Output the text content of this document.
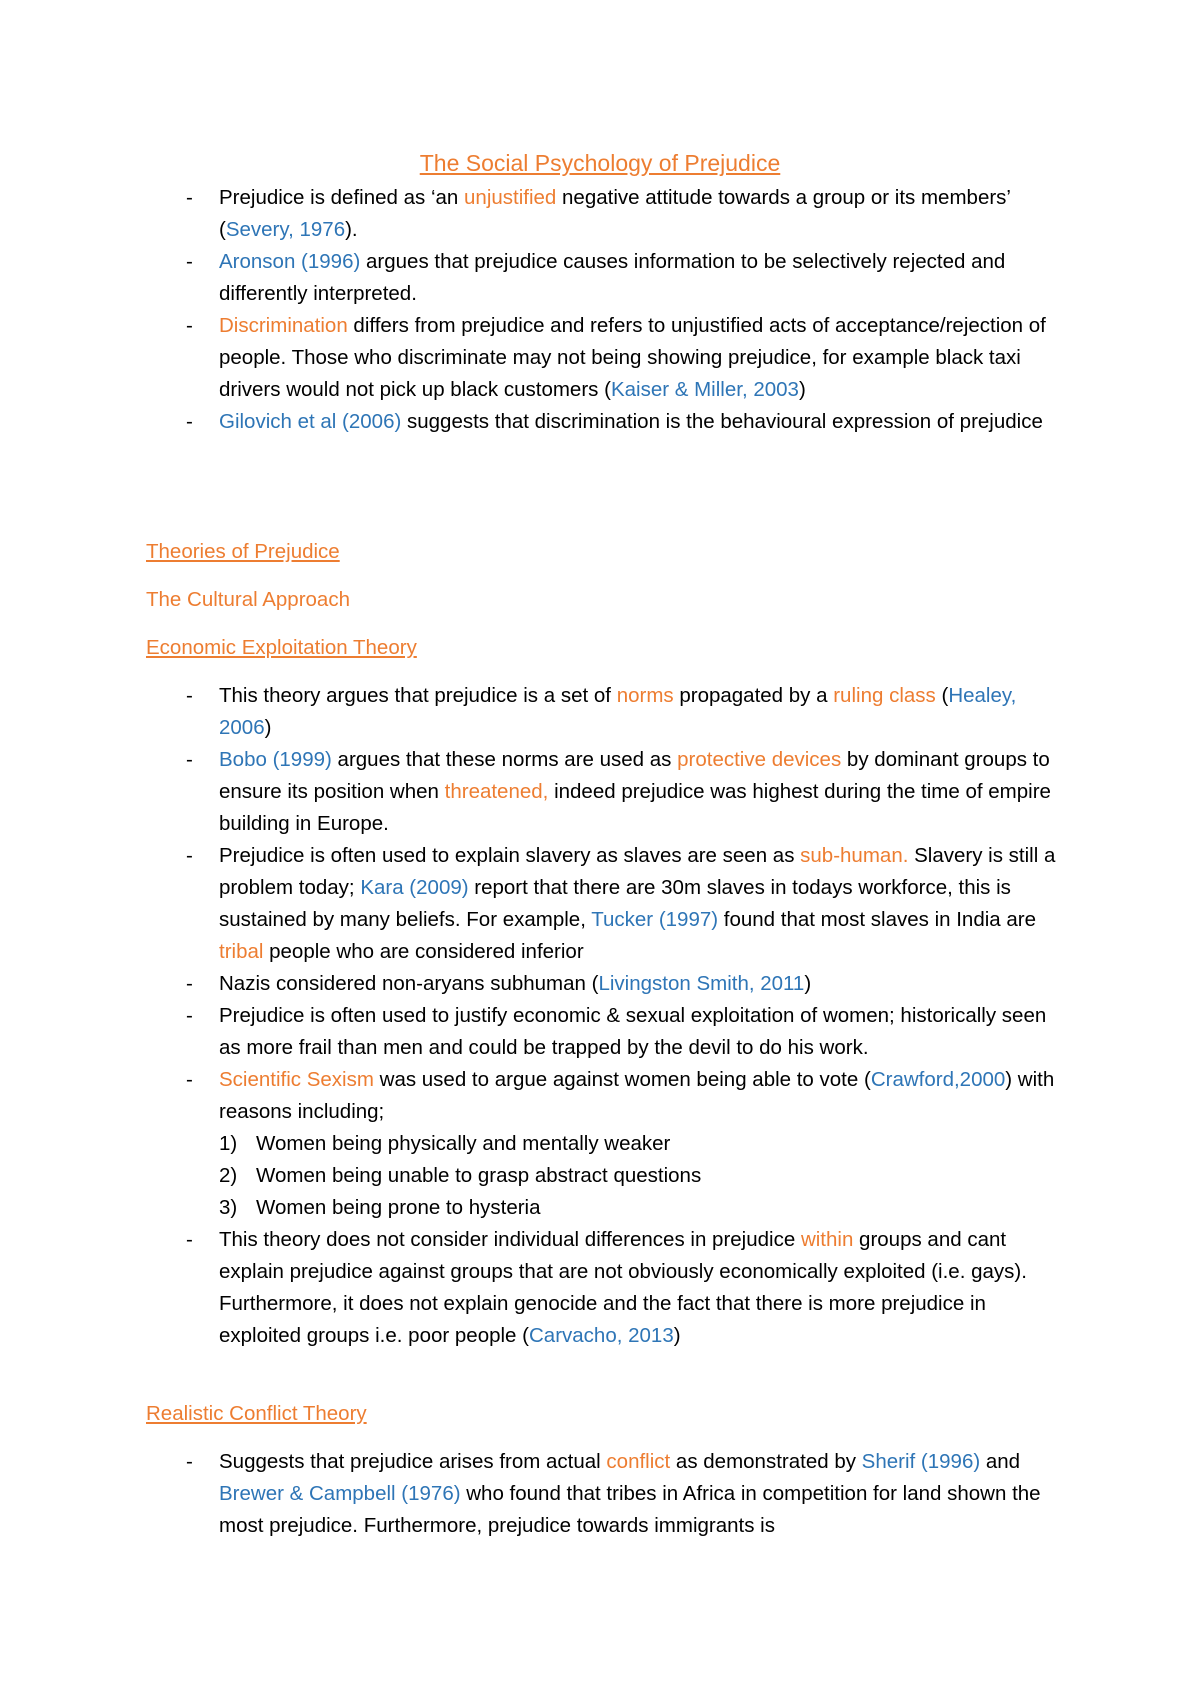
The Social Psychology of Prejudice
- Prejudice is defined as ‘an unjustified negative attitude towards a group or its members’ (Severy, 1976).
- Aronson (1996) argues that prejudice causes information to be selectively rejected and differently interpreted.
- Discrimination differs from prejudice and refers to unjustified acts of acceptance/rejection of people. Those who discriminate may not being showing prejudice, for example black taxi drivers would not pick up black customers (Kaiser & Miller, 2003)
- Gilovich et al (2006) suggests that discrimination is the behavioural expression of prejudice
Theories of Prejudice
The Cultural Approach
Economic Exploitation Theory
- This theory argues that prejudice is a set of norms propagated by a ruling class (Healey, 2006)
- Bobo (1999) argues that these norms are used as protective devices by dominant groups to ensure its position when threatened, indeed prejudice was highest during the time of empire building in Europe.
- Prejudice is often used to explain slavery as slaves are seen as sub-human. Slavery is still a problem today; Kara (2009) report that there are 30m slaves in todays workforce, this is sustained by many beliefs. For example, Tucker (1997) found that most slaves in India are tribal people who are considered inferior
- Nazis considered non-aryans subhuman (Livingston Smith, 2011)
- Prejudice is often used to justify economic & sexual exploitation of women; historically seen as more frail than men and could be trapped by the devil to do his work.
- Scientific Sexism was used to argue against women being able to vote (Crawford,2000) with reasons including;
1) Women being physically and mentally weaker
2) Women being unable to grasp abstract questions
3) Women being prone to hysteria
- This theory does not consider individual differences in prejudice within groups and cant explain prejudice against groups that are not obviously economically exploited (i.e. gays). Furthermore, it does not explain genocide and the fact that there is more prejudice in exploited groups i.e. poor people (Carvacho, 2013)
Realistic Conflict Theory
- Suggests that prejudice arises from actual conflict as demonstrated by Sherif (1996) and Brewer & Campbell (1976) who found that tribes in Africa in competition for land shown the most prejudice. Furthermore, prejudice towards immigrants is
